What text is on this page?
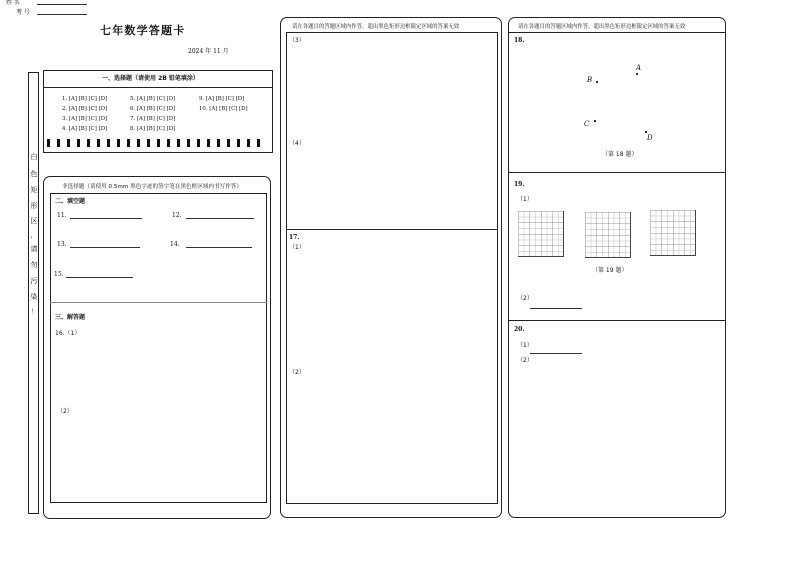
姓 名
考 号
七年数学答题卡
2024 年 11 月
白
色
矩
形
区
，
请
勿
污
染
！
一、选择题（请使用 2B 铅笔填涂）
1. [A] [B] [C] [D]	5. [A] [B] [C] [D]	9. [A] [B] [C] [D]
2. [A] [B] [C] [D]	6. [A] [B] [C] [D]	10. [A] [B] [C] [D]
3. [A] [B] [C] [D]	7. [A] [B] [C] [D]
4. [A] [B] [C] [D]	8. [A] [B] [C] [D]
非选择题（请使用 0.5mm 黑色字迹的签字笔在黑色框区域内书写作答）
二、填空题
11.	12.
13.	14.
15.
三、解答题
16.（1）
（2）
请在各题目的答题区域内作答，超出黑色矩形边框限定区域的答案无效
（3）
（4）
17.
（1）
（2）
请在各题目的答题区域内作答，超出黑色矩形边框限定区域的答案无效
18.
A
B
C
D
（第 18 题）
19.
（1）
（第 19 题）
（2）
20.
（1）
（2）
